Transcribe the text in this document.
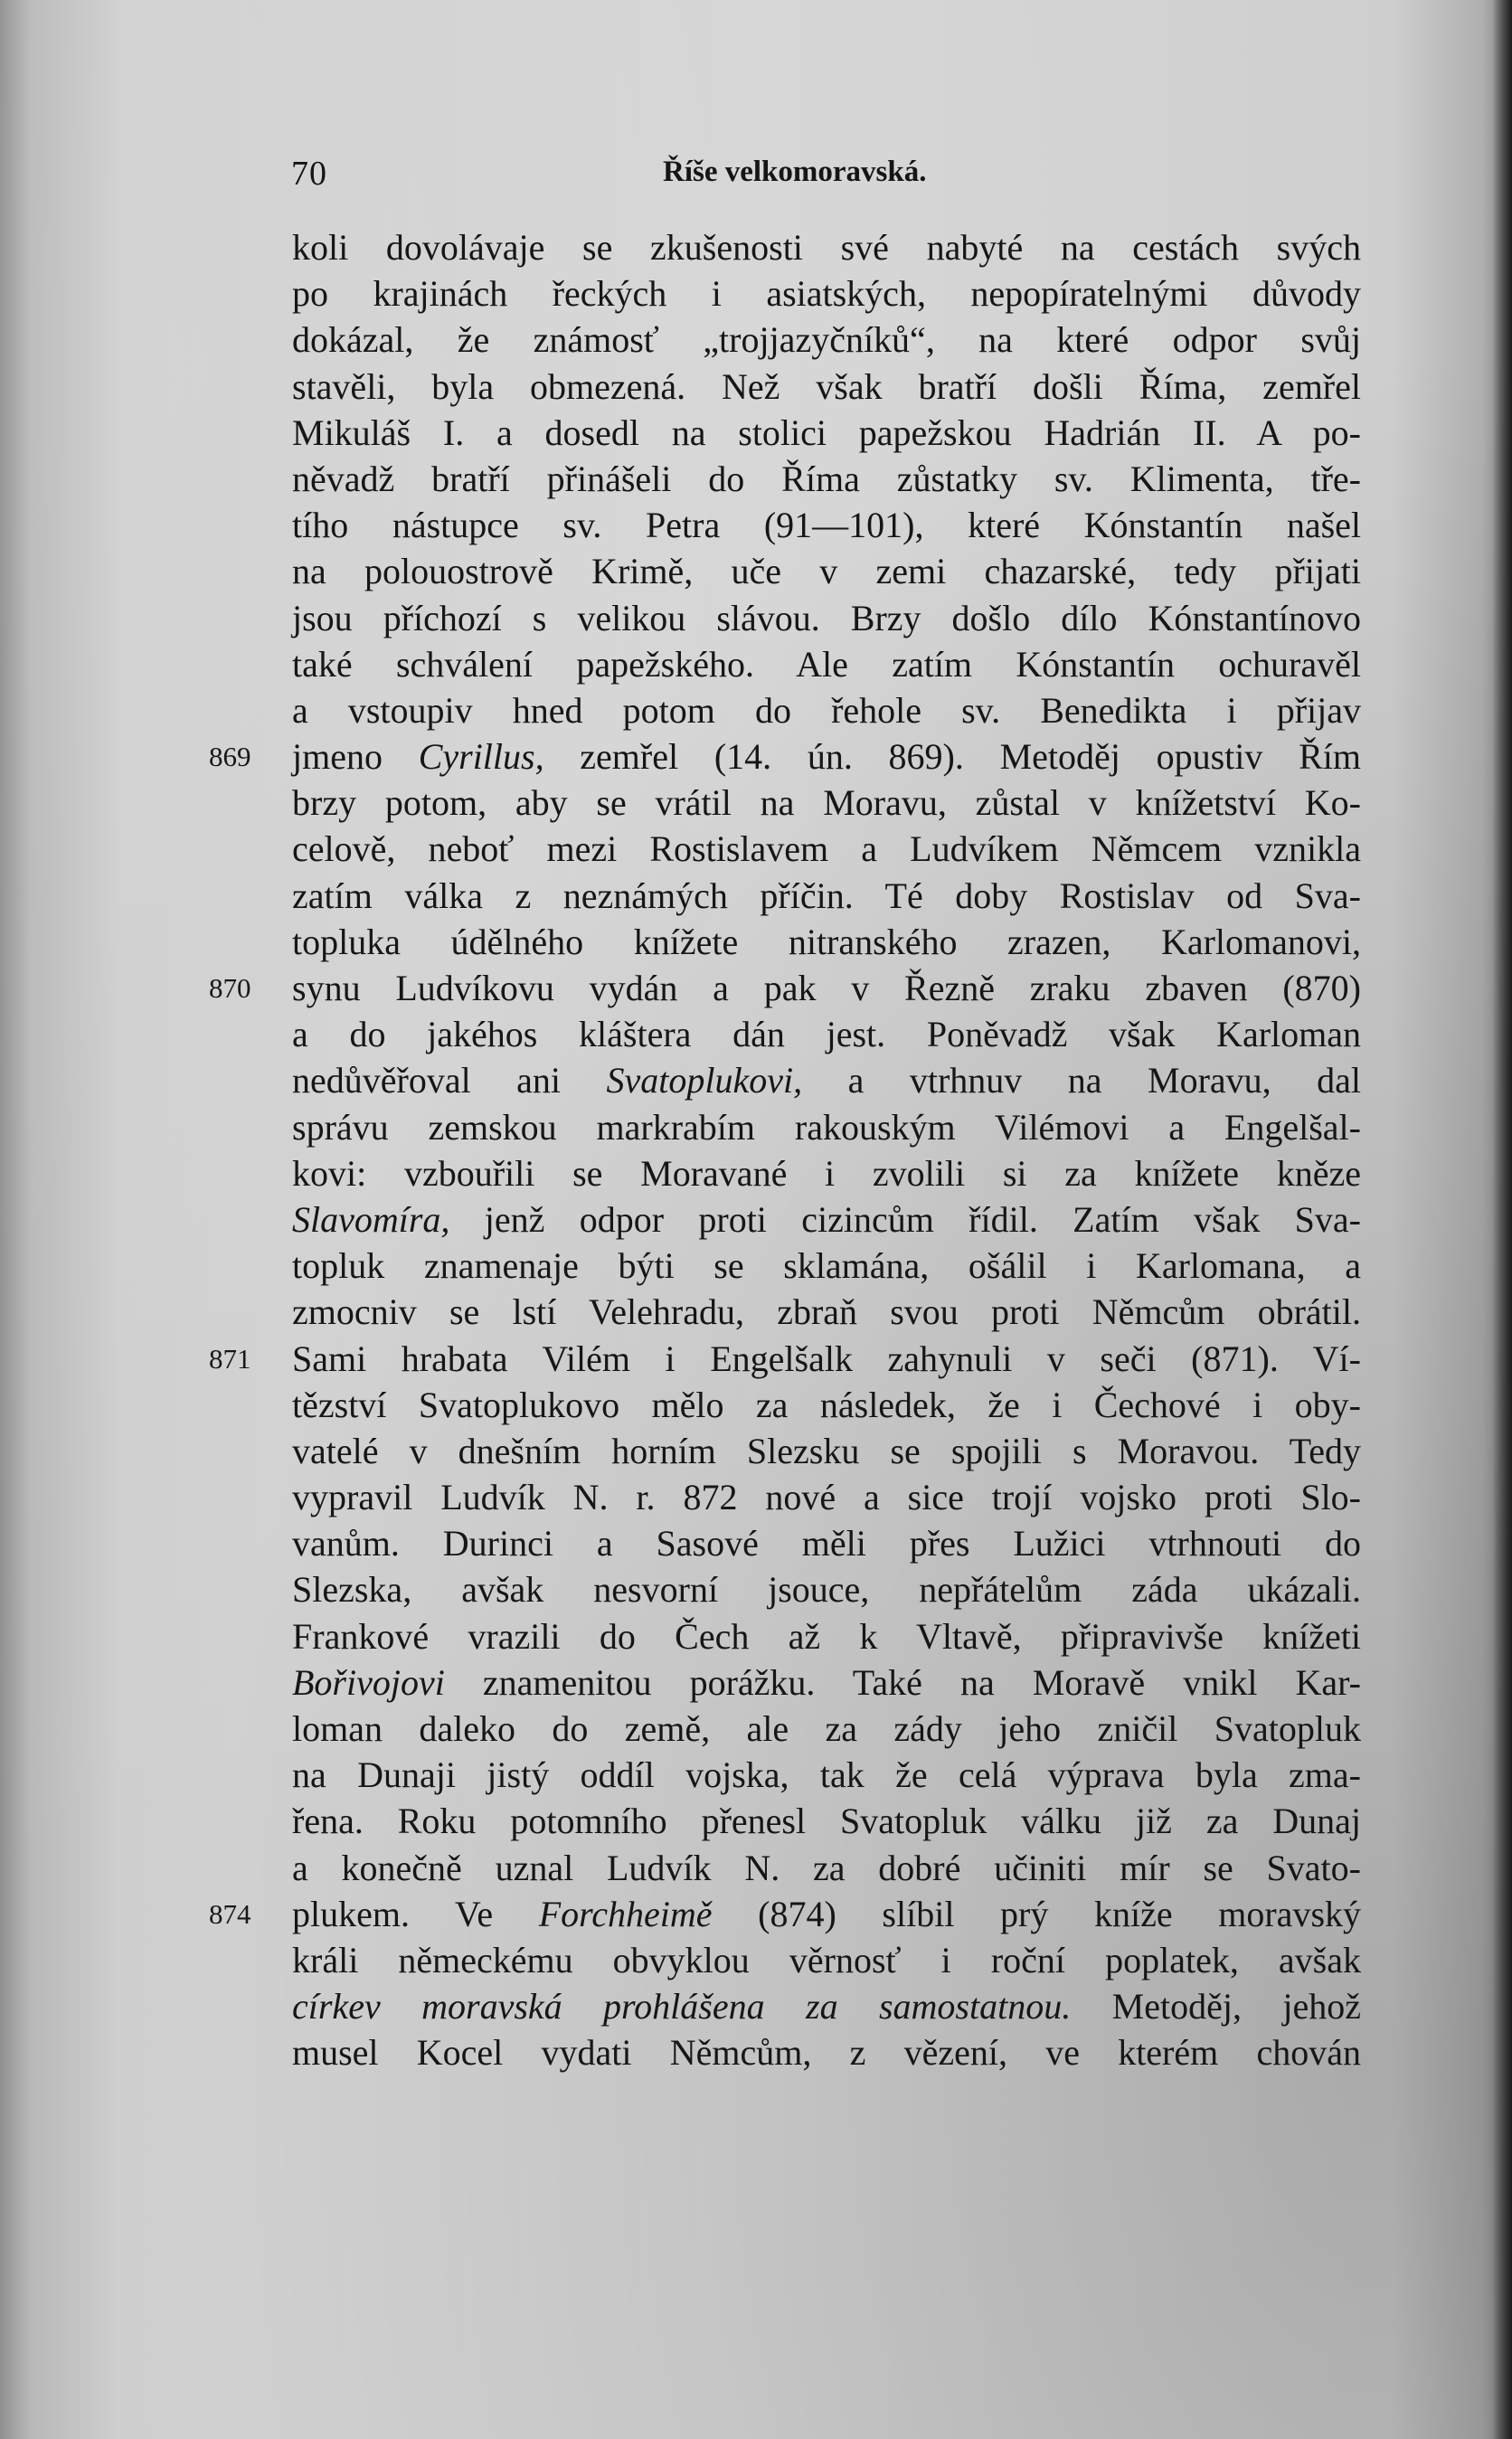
70	Říše velkomoravská.
koli dovolávaje se zkušenosti své nabyté na cestách svých
po krajinách řeckých i asiatských, nepopíratelnými důvody
dokázal, že známosť „trojjazyčníků“, na které odpor svůj
stavěli, byla obmezená. Než však bratří došli Říma, zemřel
Mikuláš I. a dosedl na stolici papežskou Hadrián II. A po-
něvadž bratří přinášeli do Říma zůstatky sv. Klimenta, tře-
tího nástupce sv. Petra (91—101), které Kónstantín našel
na polouostrově Krimě, uče v zemi chazarské, tedy přijati
jsou příchozí s velikou slávou. Brzy došlo dílo Kónstantínovo
také schválení papežského. Ale zatím Kónstantín ochuravěl
a vstoupiv hned potom do řehole sv. Benedikta i přijav
869 jmeno Cyrillus, zemřel (14. ún. 869). Metoděj opustiv Řím
brzy potom, aby se vrátil na Moravu, zůstal v knížetství Ko-
celově, neboť mezi Rostislavem a Ludvíkem Němcem vznikla
zatím válka z neznámých příčin. Té doby Rostislav od Sva-
topluka údělného knížete nitranského zrazen, Karlomanovi,
870 synu Ludvíkovu vydán a pak v Řezně zraku zbaven (870)
a do jakéhos kláštera dán jest. Poněvadž však Karloman
nedůvěřoval ani Svatoplukovi, a vtrhnuv na Moravu, dal
správu zemskou markrabím rakouským Vilémovi a Engelšal-
kovi: vzbouřili se Moravané i zvolili si za knížete kněze
Slavomíra, jenž odpor proti cizincům řídil. Zatím však Sva-
topluk znamenaje býti se sklamána, ošálil i Karlomana, a
zmocniv se lstí Velehradu, zbraň svou proti Němcům obrátil.
871 Sami hrabata Vilém i Engelšalk zahynuli v seči (871). Ví-
tězství Svatoplukovo mělo za následek, že i Čechové i oby-
vatelé v dnešním horním Slezsku se spojili s Moravou. Tedy
vypravil Ludvík N. r. 872 nové a sice trojí vojsko proti Slo-
vanům. Durinci a Sasové měli přes Lužici vtrhnouti do
Slezska, avšak nesvorní jsouce, nepřátelům záda ukázali.
Frankové vrazili do Čech až k Vltavě, připravivše knížeti
Bořivojovi znamenitou porážku. Také na Moravě vnikl Kar-
loman daleko do země, ale za zády jeho zničil Svatopluk
na Dunaji jistý oddíl vojska, tak že celá výprava byla zma-
řena. Roku potomního přenesl Svatopluk válku již za Dunaj
a konečně uznal Ludvík N. za dobré učiniti mír se Svato-
874 plukem. Ve Forchheimě (874) slíbil prý kníže moravský
králi německému obvyklou věrnosť i roční poplatek, avšak
církev moravská prohlášena za samostatnou. Metoděj, jehož
musel Kocel vydati Němcům, z vězení, ve kterém chován
